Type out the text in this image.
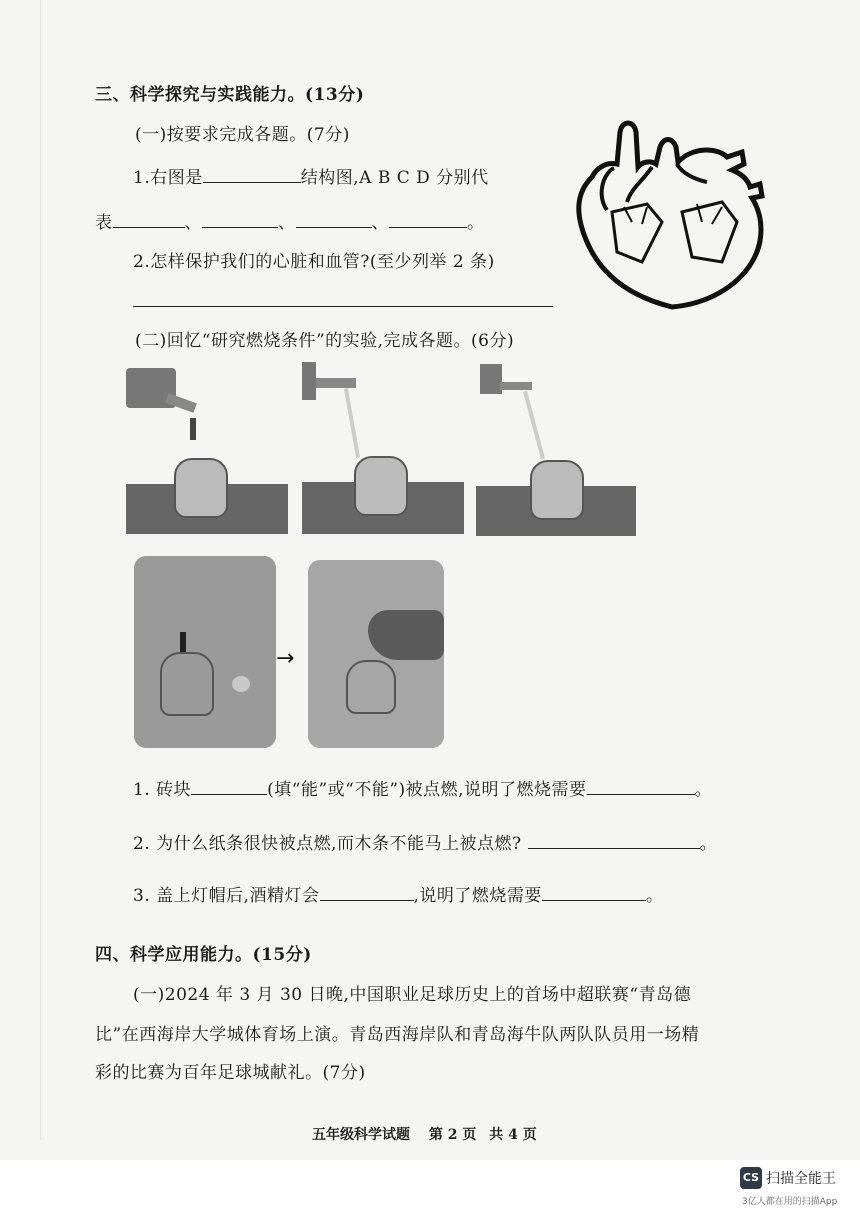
三、科学探究与实践能力。(13分)
(一)按要求完成各题。(7分)
1.右图是	结构图,A B C D 分别代
表	、	、	、	。
2.怎样保护我们的心脏和血管?(至少列举 2 条)
(二)回忆“研究燃烧条件”的实验,完成各题。(6分)
→
1. 砖块	(填“能”或“不能”)被点燃,说明了燃烧需要	。
2. 为什么纸条很快被点燃,而木条不能马上被点燃?	。
3. 盖上灯帽后,酒精灯会	,说明了燃烧需要	。
四、科学应用能力。(15分)
(一)2024 年 3 月 30 日晚,中国职业足球历史上的首场中超联赛“青岛德
比”在西海岸大学城体育场上演。青岛西海岸队和青岛海牛队两队队员用一场精
彩的比赛为百年足球城献礼。(7分)
五年级科学试题 第 2 页 共 4 页
CS 扫描全能王
3亿人都在用的扫描App
